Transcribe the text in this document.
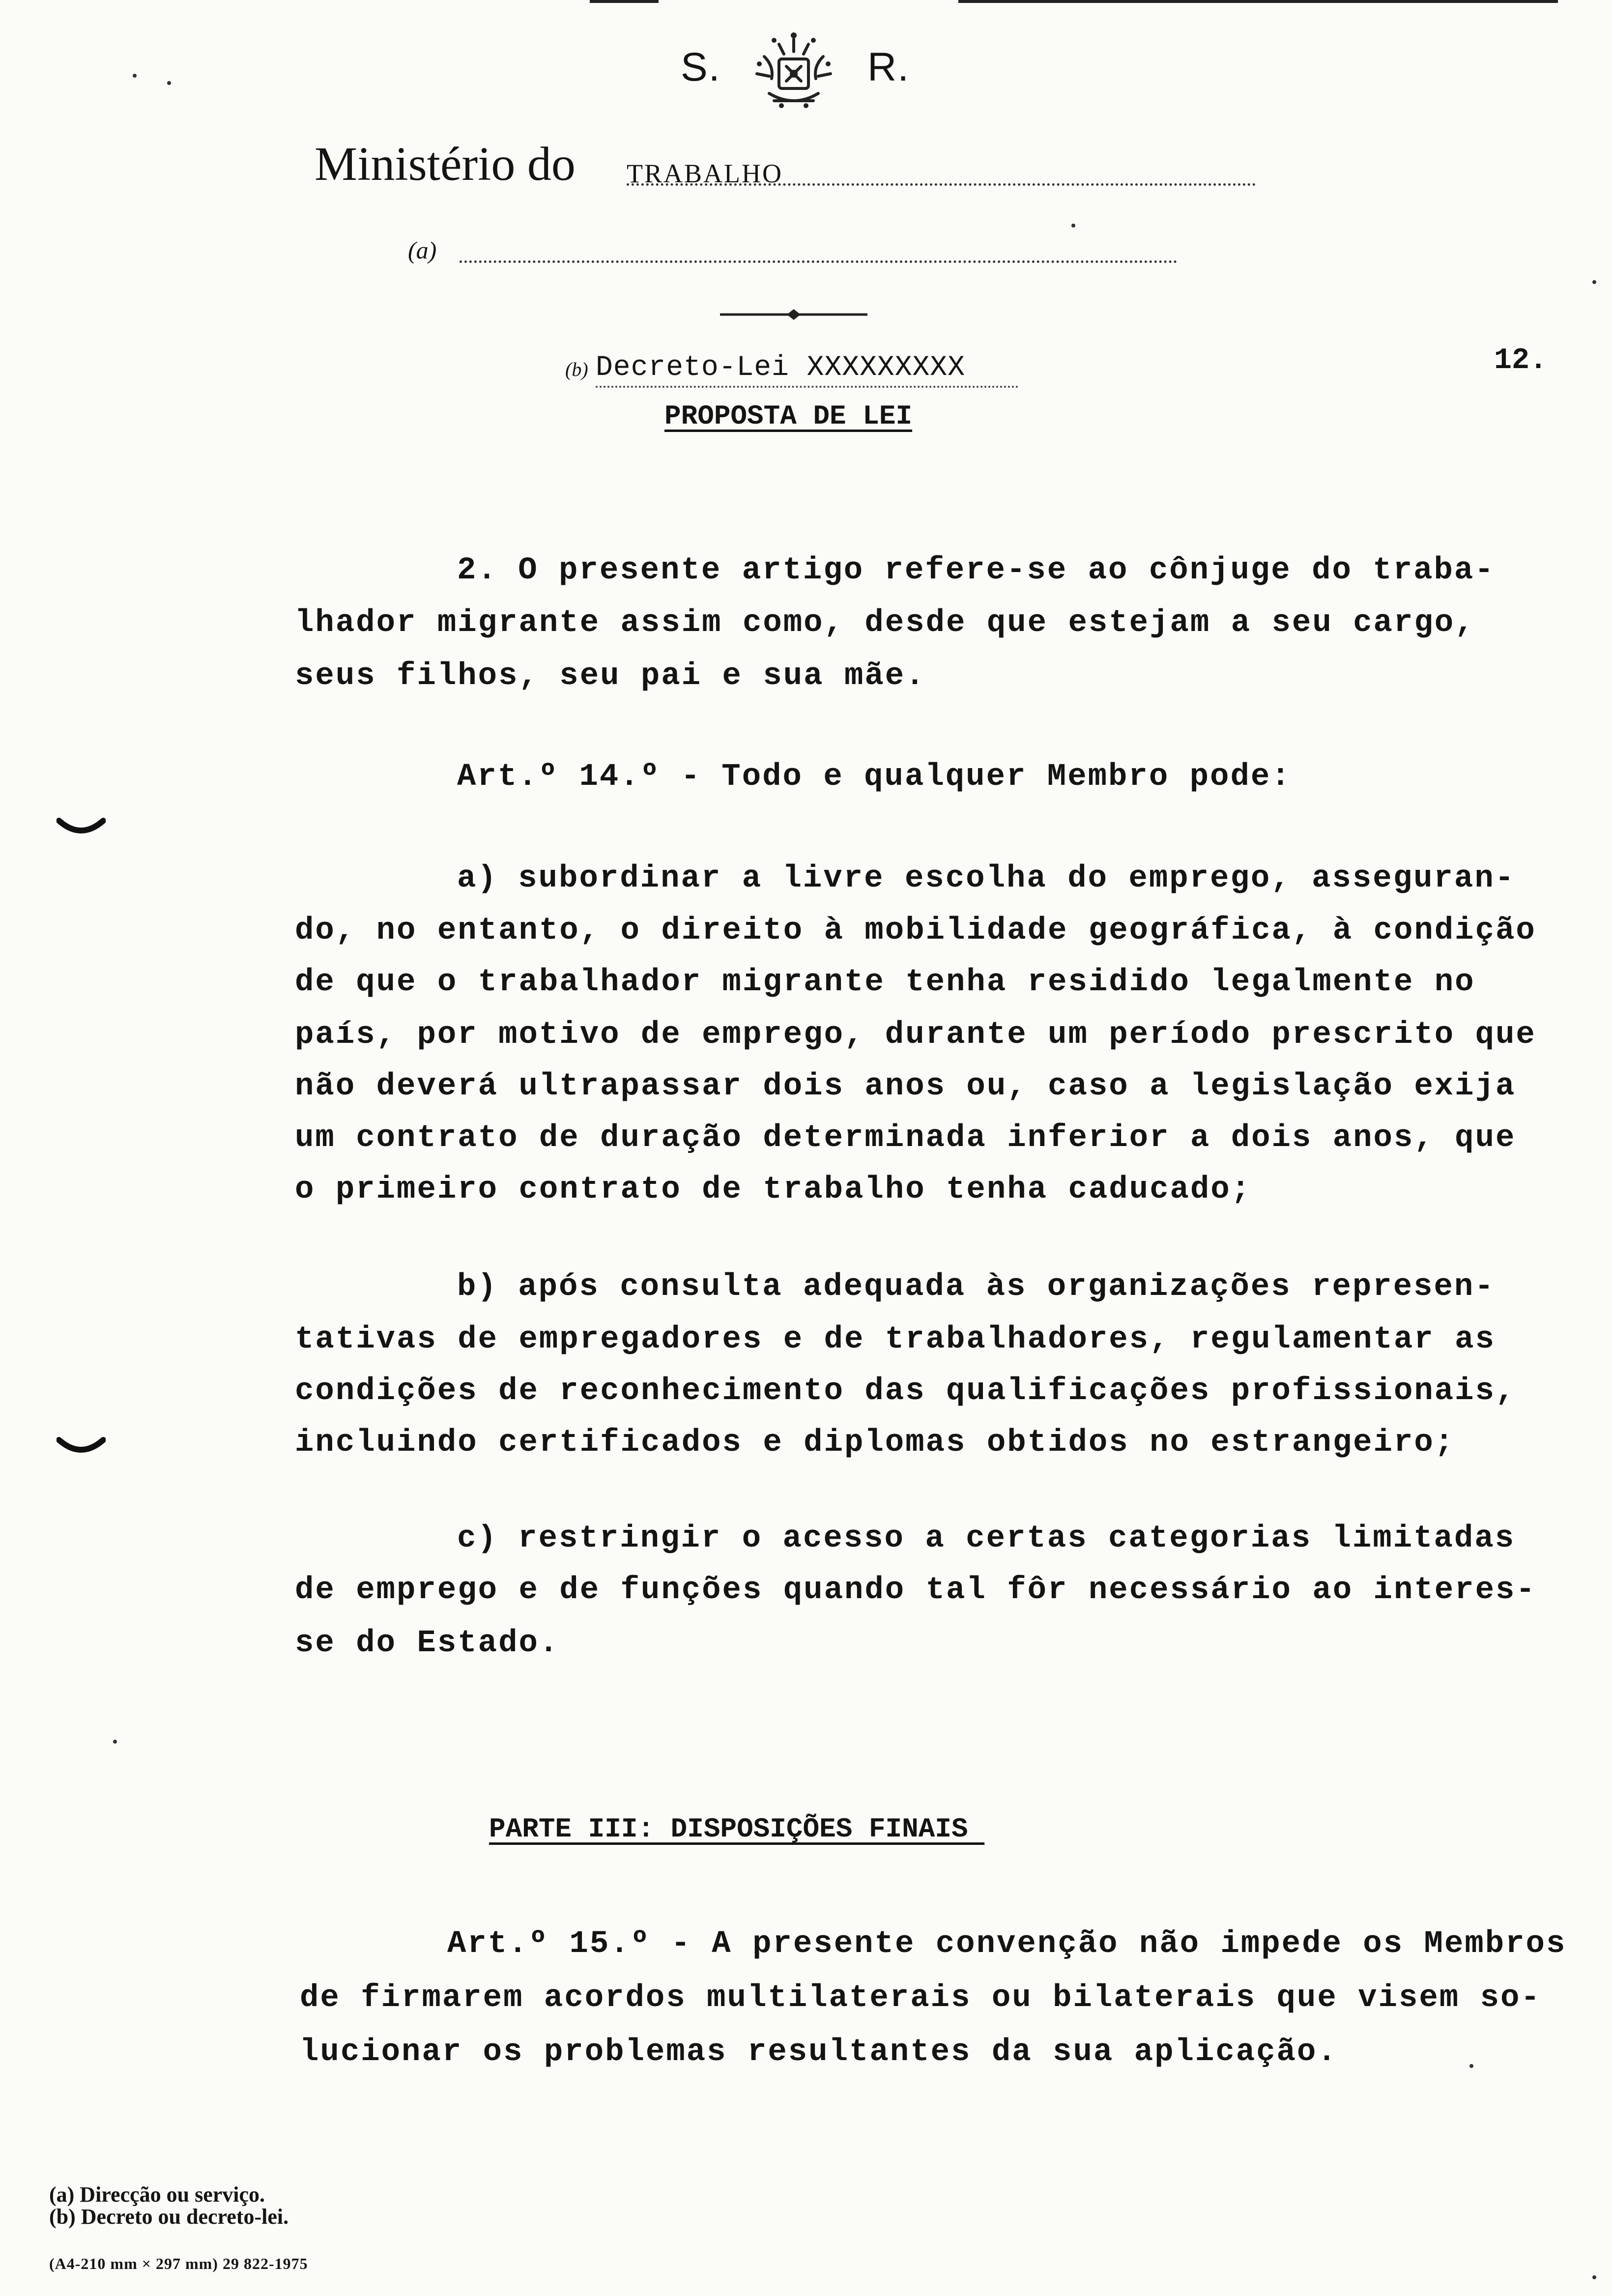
S.	R.
Ministério do TRABALHO
(a)
(b) Decreto-Lei XXXXXXXXX	12.
PROPOSTA DE LEI
2. O presente artigo refere-se ao cônjuge do traba-
lhador migrante assim como, desde que estejam a seu cargo,
seus filhos, seu pai e sua mãe.
Art.º 14.º - Todo e qualquer Membro pode:
a) subordinar a livre escolha do emprego, asseguran-
do, no entanto, o direito à mobilidade geográfica, à condição
de que o trabalhador migrante tenha residido legalmente no
país, por motivo de emprego, durante um período prescrito que
não deverá ultrapassar dois anos ou, caso a legislação exija
um contrato de duração determinada inferior a dois anos, que
o primeiro contrato de trabalho tenha caducado;
b) após consulta adequada às organizações represen-
tativas de empregadores e de trabalhadores, regulamentar as
condições de reconhecimento das qualificações profissionais,
incluindo certificados e diplomas obtidos no estrangeiro;
c) restringir o acesso a certas categorias limitadas
de emprego e de funções quando tal fôr necessário ao interes-
se do Estado.
PARTE III: DISPOSIÇÕES FINAIS
Art.º 15.º - A presente convenção não impede os Membros
de firmarem acordos multilaterais ou bilaterais que visem so-
lucionar os problemas resultantes da sua aplicação.
(a) Direcção ou serviço.
(b) Decreto ou decreto-lei.
(A4-210 mm × 297 mm) 29 822-1975
